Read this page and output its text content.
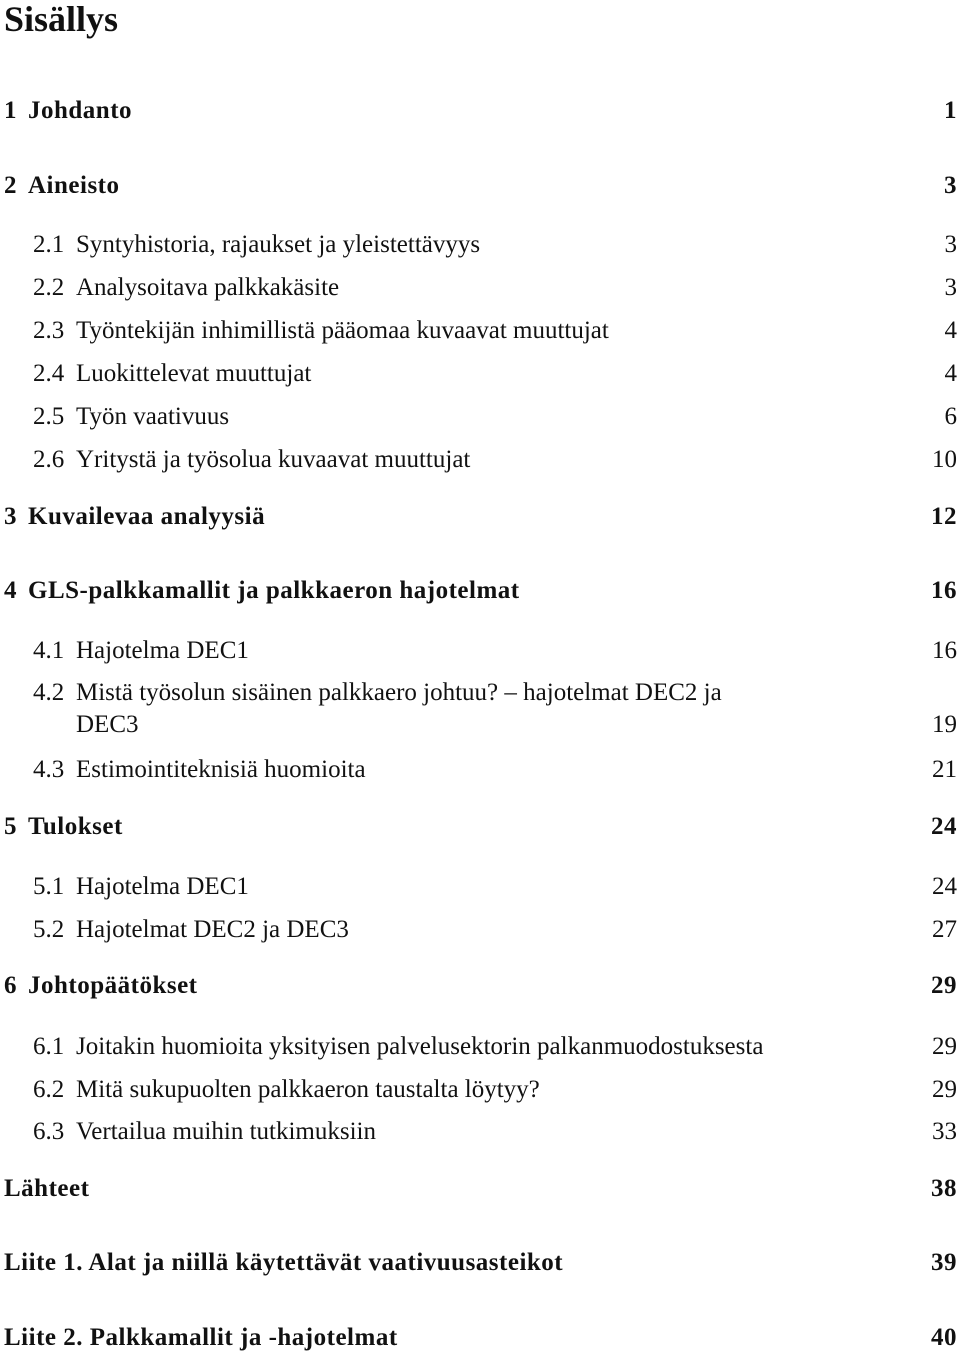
Sisällys
1 Johdanto	1
2 Aineisto	3
2.1 Syntyhistoria, rajaukset ja yleistettävyys	3
2.2 Analysoitava palkkakäsite	3
2.3 Työntekijän inhimillistä pääomaa kuvaavat muuttujat	4
2.4 Luokittelevat muuttujat	4
2.5 Työn vaativuus	6
2.6 Yritystä ja työsolua kuvaavat muuttujat	10
3 Kuvailevaa analyysiä	12
4 GLS-palkkamallit ja palkkaeron hajotelmat	16
4.1 Hajotelma DEC1	16
4.2 Mistä työsolun sisäinen palkkaero johtuu? – hajotelmat DEC2 ja
DEC3	19
4.3 Estimointiteknisiä huomioita	21
5 Tulokset	24
5.1 Hajotelma DEC1	24
5.2 Hajotelmat DEC2 ja DEC3	27
6 Johtopäätökset	29
6.1 Joitakin huomioita yksityisen palvelusektorin palkanmuodostuksesta	29
6.2 Mitä sukupuolten palkkaeron taustalta löytyy?	29
6.3 Vertailua muihin tutkimuksiin	33
Lähteet	38
Liite 1. Alat ja niillä käytettävät vaativuusasteikot	39
Liite 2. Palkkamallit ja -hajotelmat	40
